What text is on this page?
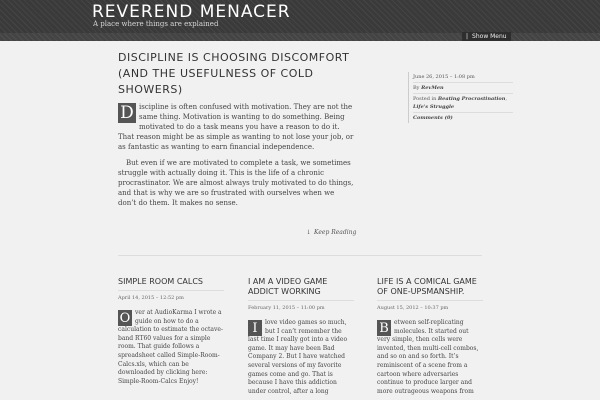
REVEREND MENACER
A place where things are explained
| Show Menu
DISCIPLINE IS CHOOSING DISCOMFORT (AND THE USEFULNESS OF COLD SHOWERS)

D iscipline is often confused with motivation. They are not the same thing. Motivation is wanting to do something. Being motivated to do a task means you have a reason to do it. That reason might be as simple as wanting to not lose your job, or as fantastic as wanting to earn financial independence.

But even if we are motivated to complete a task, we sometimes struggle with actually doing it. This is the life of a chronic procrastinator. We are almost always truly motivated to do things, and that is why we are so frustrated with ourselves when we don’t do them. It makes no sense.

↓ Keep Reading
June 26, 2015 – 1:08 pm
By RevMen
Posted in Beating Procrastination,
Life's Struggle
Comments (0)
SIMPLE ROOM CALCS
April 14, 2015 – 12:52 pm
O ver at AudioKarma I wrote a guide on how to do a calculation to estimate the octave-band RT60 values for a simple room. That guide follows a spreadsheet called Simple-Room-Calcs.xls, which can be downloaded by clicking here: Simple-Room-Calcs Enjoy!
I AM A VIDEO GAME ADDICT WORKING
February 11, 2015 – 11:00 pm
I	love video games so much, but I can’t remember the last time I really got into a video game. It may have been Bad Company 2. But I have watched several versions of my favorite games come and go. That is because I have this addiction under control, after a long
LIFE IS A COMICAL GAME OF ONE-UPSMANSHIP.
August 15, 2012 – 10:37 pm
B etween self-replicating molecules. It started out very simple, then cells were invented, then multi-cell combos, and so on and so forth. It’s reminiscent of a scene from a cartoon where adversaries continue to produce larger and more outrageous weapons from
